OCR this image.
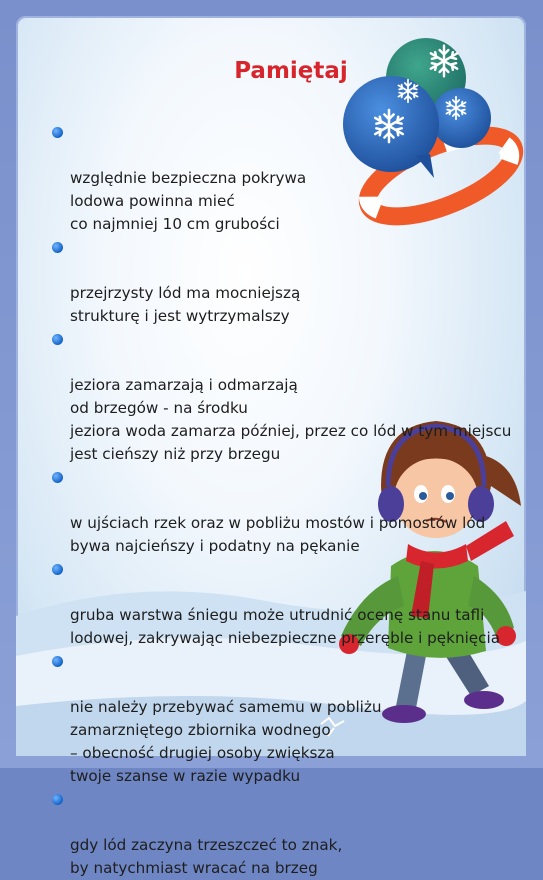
Pamiętaj

względnie bezpieczna pokrywa
lodowa powinna mieć
co najmniej 10 cm grubości

przejrzysty lód ma mocniejszą
strukturę i jest wytrzymalszy

jeziora zamarzają i odmarzają
od brzegów - na środku
jeziora woda zamarza później, przez co lód w tym miejscu
jest cieńszy niż przy brzegu

w ujściach rzek oraz w pobliżu mostów i pomostów lód
bywa najcieńszy i podatny na pękanie

gruba warstwa śniegu może utrudnić ocenę stanu tafli
lodowej, zakrywając niebezpieczne przeręble i pęknięcia

nie należy przebywać samemu w pobliżu
zamarzniętego zbiornika wodnego
– obecność drugiej osoby zwiększa
twoje szanse w razie wypadku

gdy lód zaczyna trzeszczeć to znak,
by natychmiast wracać na brzeg
